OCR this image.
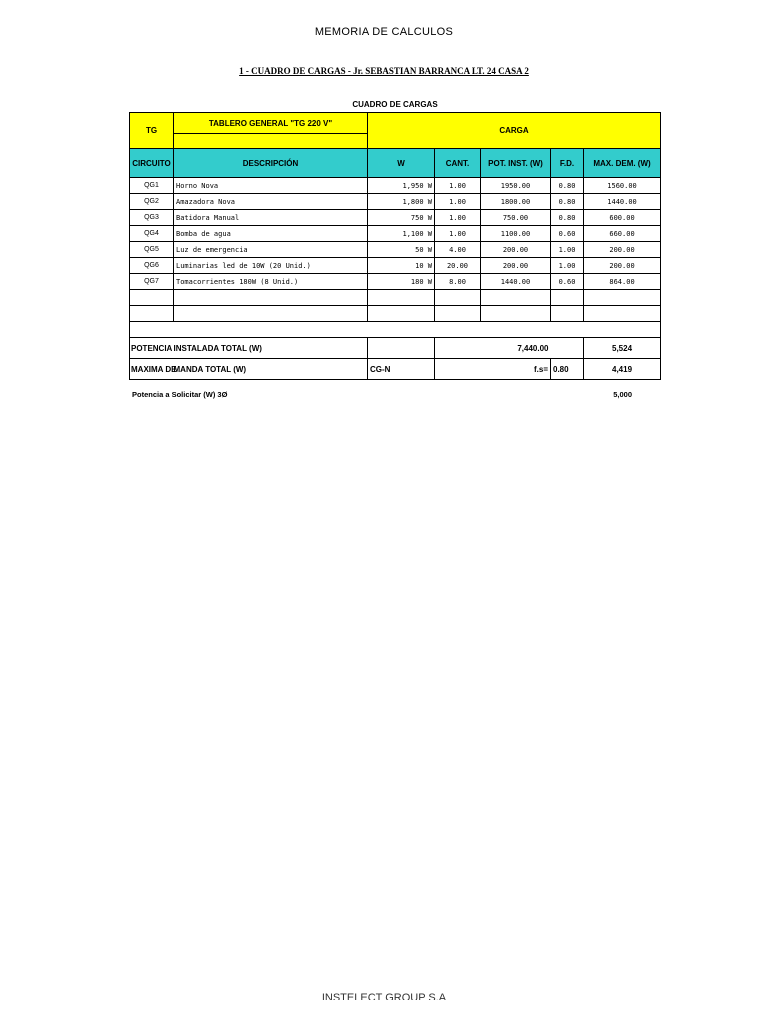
MEMORIA DE CALCULOS
1 - CUADRO DE CARGAS - Jr. SEBASTIAN BARRANCA LT. 24 CASA 2
CUADRO DE CARGAS
TG	TABLERO GENERAL "TG 220 V"	CARGA				

CIRCUITO	DESCRIPCIÓN	W	CANT.	POT. INST. (W)	F.D.	MAX. DEM. (W)
QG1	Horno Nova	1,950 W	1.00	1950.00	0.80	1560.00
QG2	Amazadora Nova	1,800 W	1.00	1800.00	0.80	1440.00
QG3	Batidora Manual	750 W	1.00	750.00	0.80	600.00
QG4	Bomba de agua	1,100 W	1.00	1100.00	0.60	660.00
QG5	Luz de emergencia	50 W	4.00	200.00	1.00	200.00
QG6	Luminarias led de 10W (20 Unid.)	10 W	20.00	200.00	1.00	200.00
QG7	Tomacorrientes 180W (8 Unid.)	180 W	8.00	1440.00	0.60	864.00

POTENCIA	INSTALADA TOTAL (W)			7,440.00		5,524
MAXIMA DE	MANDA TOTAL (W)	CG-N		f.s=	0.80	4,419
Potencia a Solicitar (W) 3Ø	5,000
INSTELECT GROUP S.A
